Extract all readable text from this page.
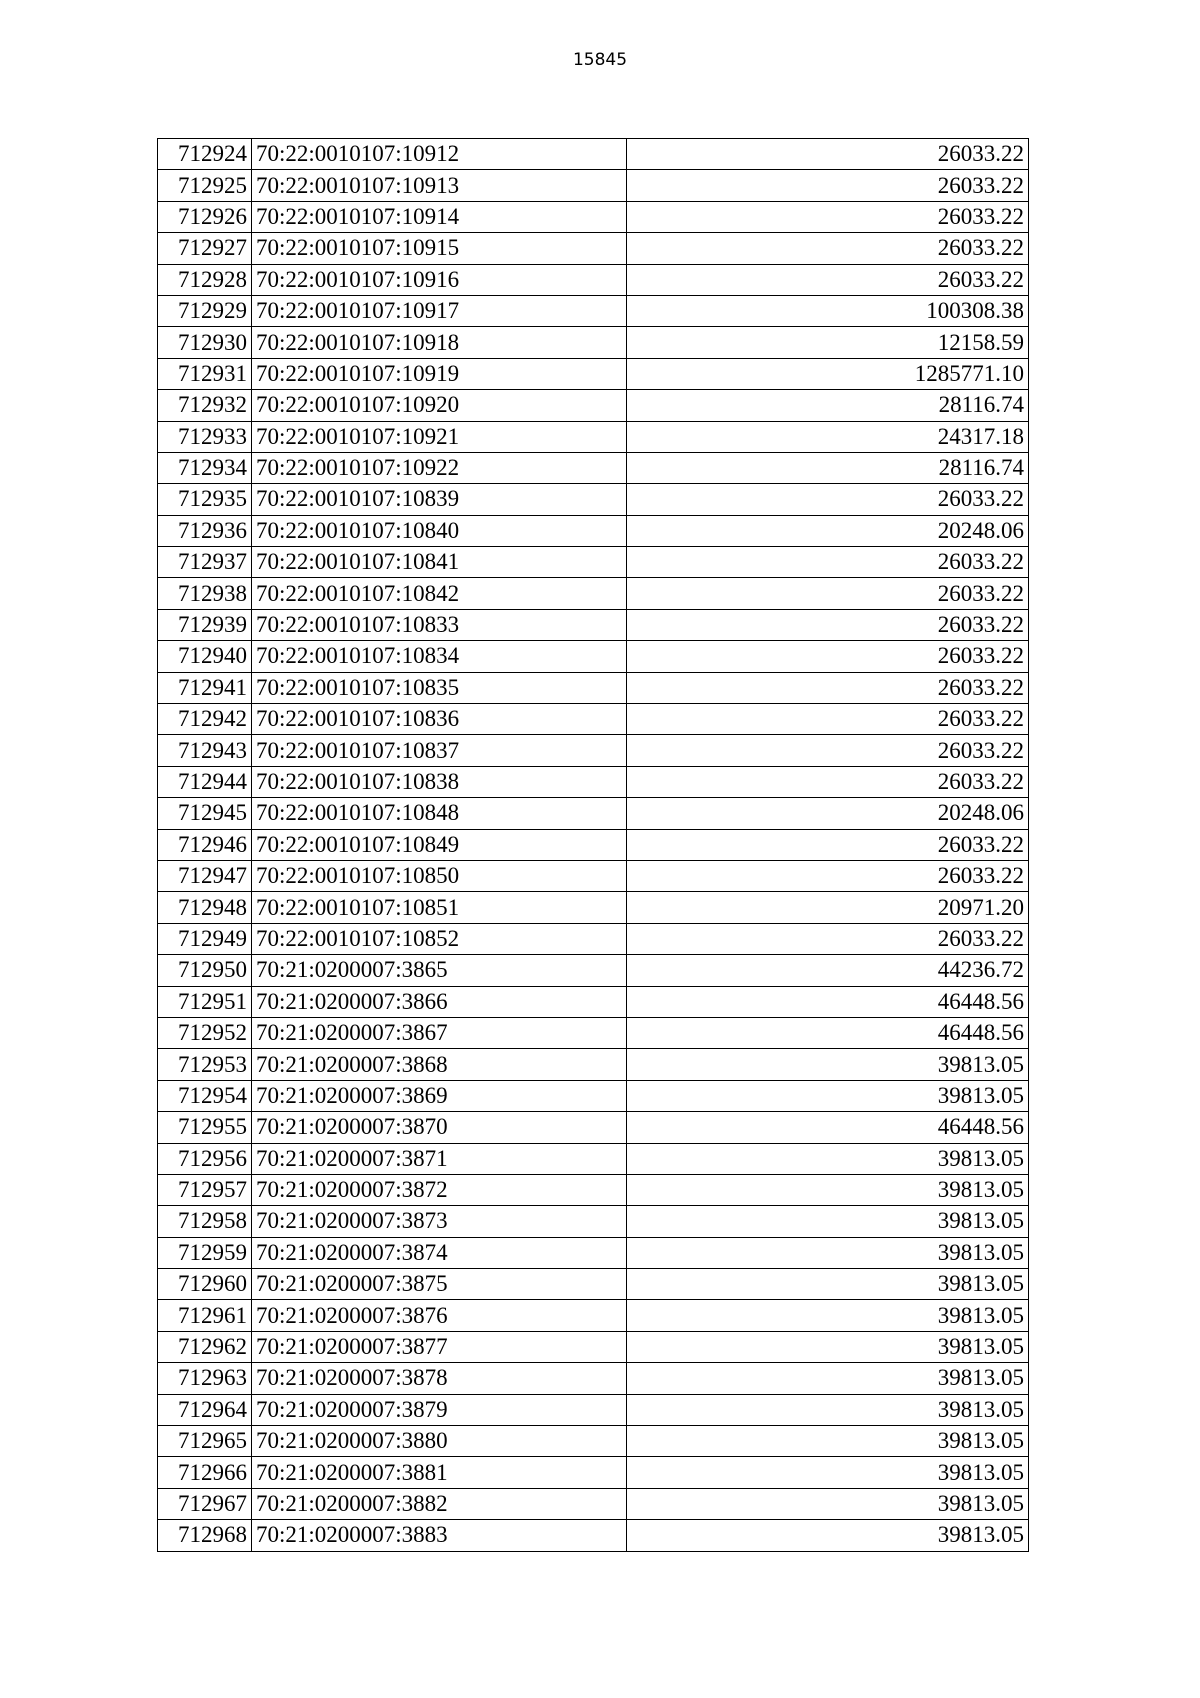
15845
712924	70:22:0010107:10912	26033.22
712925	70:22:0010107:10913	26033.22
712926	70:22:0010107:10914	26033.22
712927	70:22:0010107:10915	26033.22
712928	70:22:0010107:10916	26033.22
712929	70:22:0010107:10917	100308.38
712930	70:22:0010107:10918	12158.59
712931	70:22:0010107:10919	1285771.10
712932	70:22:0010107:10920	28116.74
712933	70:22:0010107:10921	24317.18
712934	70:22:0010107:10922	28116.74
712935	70:22:0010107:10839	26033.22
712936	70:22:0010107:10840	20248.06
712937	70:22:0010107:10841	26033.22
712938	70:22:0010107:10842	26033.22
712939	70:22:0010107:10833	26033.22
712940	70:22:0010107:10834	26033.22
712941	70:22:0010107:10835	26033.22
712942	70:22:0010107:10836	26033.22
712943	70:22:0010107:10837	26033.22
712944	70:22:0010107:10838	26033.22
712945	70:22:0010107:10848	20248.06
712946	70:22:0010107:10849	26033.22
712947	70:22:0010107:10850	26033.22
712948	70:22:0010107:10851	20971.20
712949	70:22:0010107:10852	26033.22
712950	70:21:0200007:3865	44236.72
712951	70:21:0200007:3866	46448.56
712952	70:21:0200007:3867	46448.56
712953	70:21:0200007:3868	39813.05
712954	70:21:0200007:3869	39813.05
712955	70:21:0200007:3870	46448.56
712956	70:21:0200007:3871	39813.05
712957	70:21:0200007:3872	39813.05
712958	70:21:0200007:3873	39813.05
712959	70:21:0200007:3874	39813.05
712960	70:21:0200007:3875	39813.05
712961	70:21:0200007:3876	39813.05
712962	70:21:0200007:3877	39813.05
712963	70:21:0200007:3878	39813.05
712964	70:21:0200007:3879	39813.05
712965	70:21:0200007:3880	39813.05
712966	70:21:0200007:3881	39813.05
712967	70:21:0200007:3882	39813.05
712968	70:21:0200007:3883	39813.05
